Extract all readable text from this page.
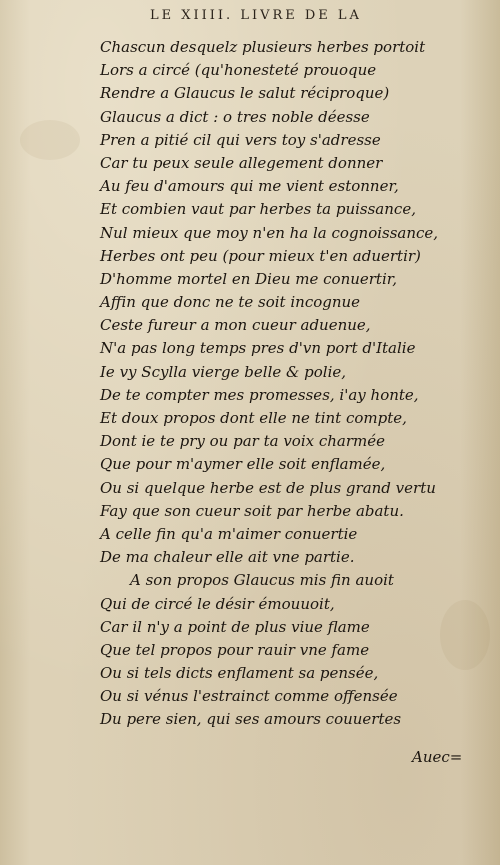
LE XIIII. LIVRE DE LA
Chascun desquelz plusieurs herbes portoit
Lors a circé (qu'honesteté prouoque
Rendre a Glaucus le salut réciproque)
Glaucus a dict : o tres noble déesse
Pren a pitié cil qui vers toy s'adresse
Car tu peux seule allegement donner
Au feu d'amours qui me vient estonner,
Et combien vaut par herbes ta puissance,
Nul mieux que moy n'en ha la cognoissance,
Herbes ont peu (pour mieux t'en aduertir)
D'homme mortel en Dieu me conuertir,
Affin que donc ne te soit incognue
Ceste fureur a mon cueur aduenue,
N'a pas long temps pres d'vn port d'Italie
Ie vy Scylla vierge belle & polie,
De te compter mes promesses, i'ay honte,
Et doux propos dont elle ne tint compte,
Dont ie te pry ou par ta voix charmée
Que pour m'aymer elle soit enflamée,
Ou si quelque herbe est de plus grand vertu
Fay que son cueur soit par herbe abatu.
A celle fin qu'a m'aimer conuertie
De ma chaleur elle ait vne partie.
A son propos Glaucus mis fin auoit
Qui de circé le désir émouuoit,
Car il n'y a point de plus viue flame
Que tel propos pour rauir vne fame
Ou si tels dicts enflament sa pensée,
Ou si vénus l'estrainct comme offensée
Du pere sien, qui ses amours couuertes
Auec=
